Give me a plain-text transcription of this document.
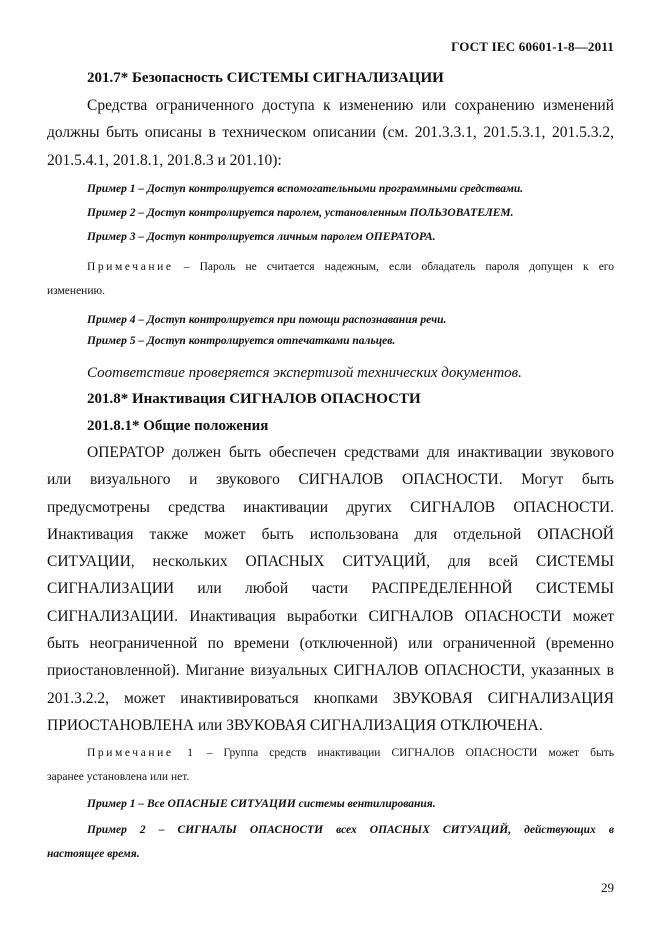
ГОСТ IEC 60601-1-8—2011
201.7* Безопасность СИСТЕМЫ СИГНАЛИЗАЦИИ
Средства ограниченного доступа к изменению или сохранению изменений
должны быть описаны в техническом описании (см. 201.3.3.1, 201.5.3.1, 201.5.3.2,
201.5.4.1, 201.8.1, 201.8.3 и 201.10):
Пример 1 – Доступ контролируется вспомогательными программными средствами.
Пример 2 – Доступ контролируется паролем, установленным ПОЛЬЗОВАТЕЛЕМ.
Пример 3 – Доступ контролируется личным паролем ОПЕРАТОРА.
Примечание – Пароль не считается надежным, если обладатель пароля допущен к его
изменению.
Пример 4 – Доступ контролируется при помощи распознавания речи.
Пример 5 – Доступ контролируется отпечатками пальцев.
Соответствие проверяется экспертизой технических документов.
201.8* Инактивация СИГНАЛОВ ОПАСНОСТИ
201.8.1* Общие положения
ОПЕРАТОР должен быть обеспечен средствами для инактивации звукового
или визуального и звукового СИГНАЛОВ ОПАСНОСТИ. Могут быть
предусмотрены средства инактивации других СИГНАЛОВ ОПАСНОСТИ.
Инактивация также может быть использована для отдельной ОПАСНОЙ
СИТУАЦИИ, нескольких ОПАСНЫХ СИТУАЦИЙ, для всей СИСТЕМЫ
СИГНАЛИЗАЦИИ или любой части РАСПРЕДЕЛЕННОЙ СИСТЕМЫ
СИГНАЛИЗАЦИИ. Инактивация выработки СИГНАЛОВ ОПАСНОСТИ может
быть неограниченной по времени (отключенной) или ограниченной (временно
приостановленной). Мигание визуальных СИГНАЛОВ ОПАСНОСТИ, указанных в
201.3.2.2, может инактивироваться кнопками ЗВУКОВАЯ СИГНАЛИЗАЦИЯ
ПРИОСТАНОВЛЕНА или ЗВУКОВАЯ СИГНАЛИЗАЦИЯ ОТКЛЮЧЕНА.
Примечание 1 – Группа средств инактивации СИГНАЛОВ ОПАСНОСТИ может быть
заранее установлена или нет.
Пример 1 – Все ОПАСНЫЕ СИТУАЦИИ системы вентилирования.
Пример 2 – СИГНАЛЫ ОПАСНОСТИ всех ОПАСНЫХ СИТУАЦИЙ, действующих в
настоящее время.
29
